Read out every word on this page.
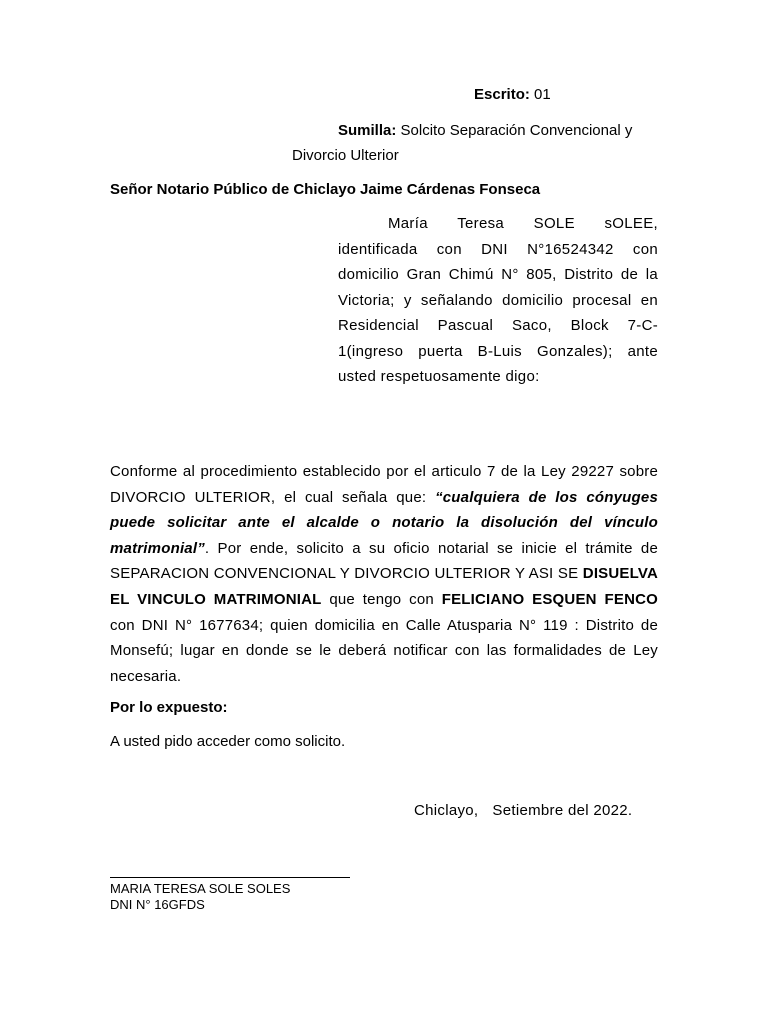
Escrito: 01
Sumilla: Solcito Separación Convencional y
Divorcio Ulterior
Señor Notario Público de Chiclayo Jaime Cárdenas Fonseca
María Teresa SOLE sOLEE, identificada con DNI N°16524342 con domicilio Gran Chimú N° 805, Distrito de la Victoria; y señalando domicilio procesal en Residencial Pascual Saco, Block 7-C-1(ingreso puerta B-Luis Gonzales); ante usted respetuosamente digo:
Conforme al procedimiento establecido por el articulo 7 de la Ley 29227 sobre DIVORCIO ULTERIOR, el cual señala que: “cualquiera de los cónyuges puede solicitar ante el alcalde o notario la disolución del vínculo matrimonial”. Por ende, solicito a su oficio notarial se inicie el trámite de SEPARACION CONVENCIONAL Y DIVORCIO ULTERIOR Y ASI SE DISUELVA EL VINCULO MATRIMONIAL que tengo con FELICIANO ESQUEN FENCO con DNI N° 1677634; quien domicilia en Calle Atusparia N° 119 : Distrito de Monsefú; lugar en donde se le deberá notificar con las formalidades de Ley necesaria.
Por lo expuesto:
A usted pido acceder como solicito.
Chiclayo, Setiembre del 2022.
MARIA TERESA SOLE SOLES
DNI N° 16GFDS
